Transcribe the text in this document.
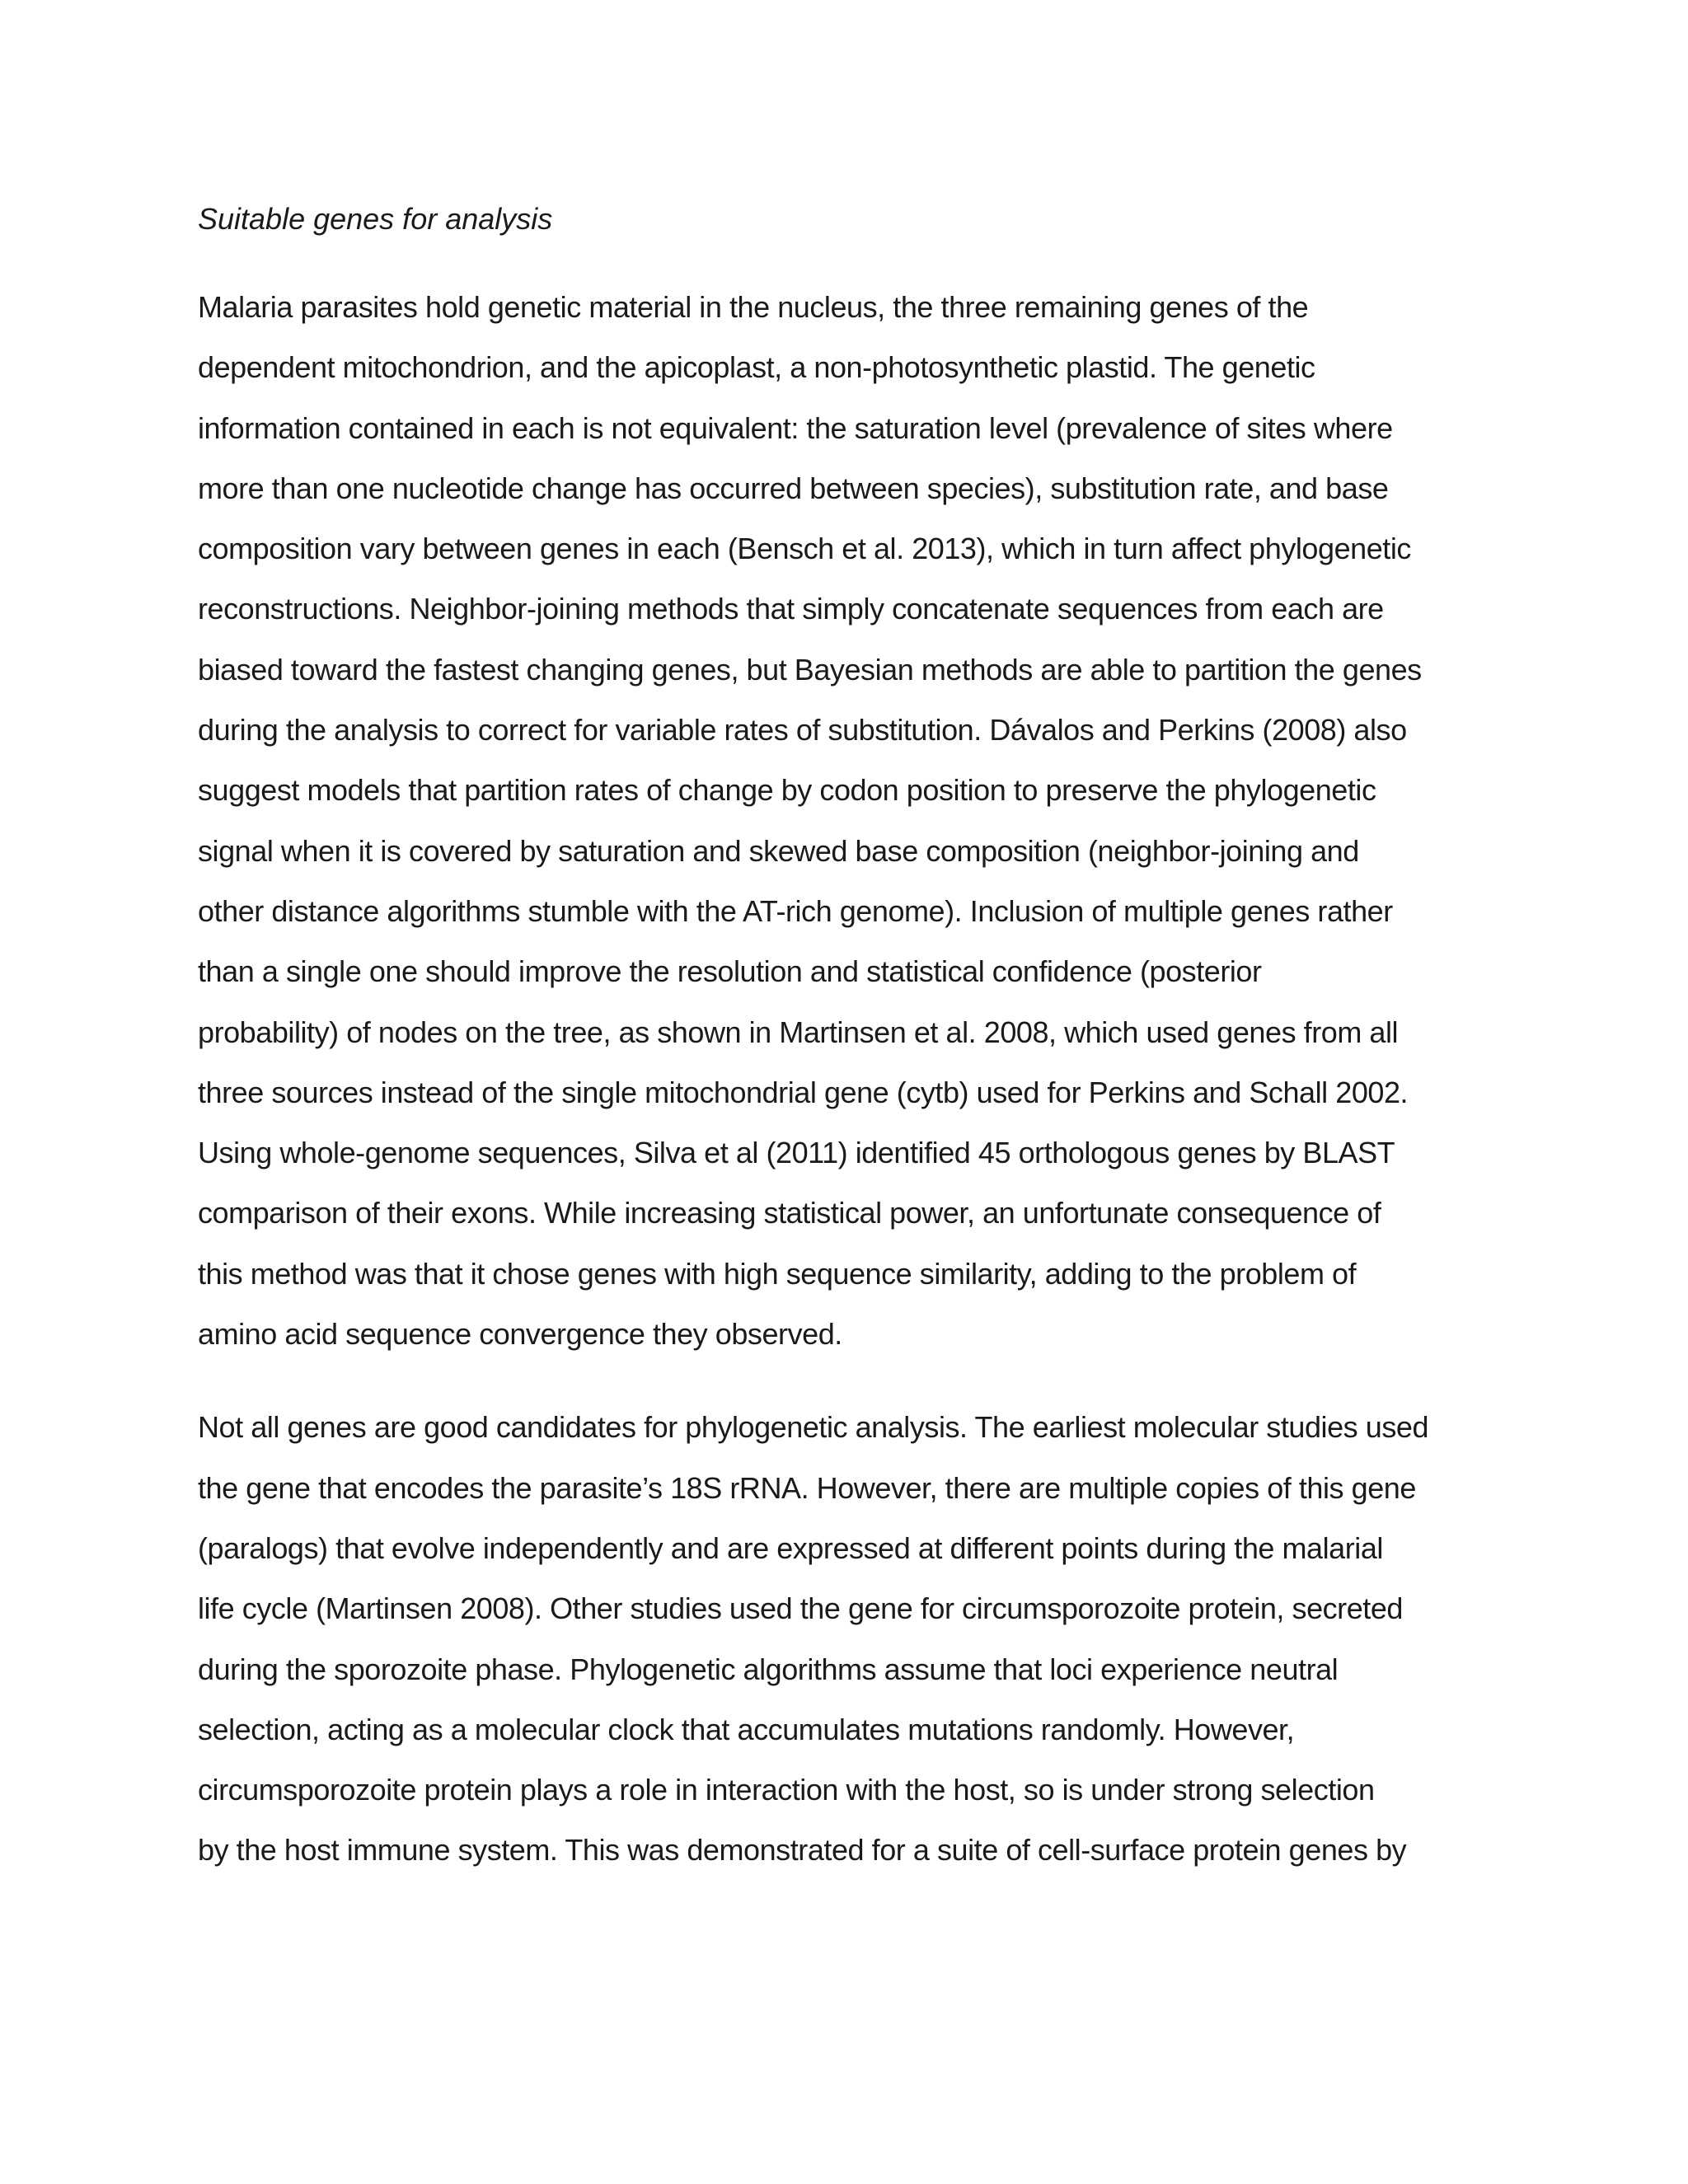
Suitable genes for analysis
Malaria parasites hold genetic material in the nucleus, the three remaining genes of the
dependent mitochondrion, and the apicoplast, a non-photosynthetic plastid. The genetic
information contained in each is not equivalent: the saturation level (prevalence of sites where
more than one nucleotide change has occurred between species), substitution rate, and base
composition vary between genes in each (Bensch et al. 2013), which in turn affect phylogenetic
reconstructions. Neighbor-joining methods that simply concatenate sequences from each are
biased toward the fastest changing genes, but Bayesian methods are able to partition the genes
during the analysis to correct for variable rates of substitution. Dávalos and Perkins (2008) also
suggest models that partition rates of change by codon position to preserve the phylogenetic
signal when it is covered by saturation and skewed base composition (neighbor-joining and
other distance algorithms stumble with the AT-rich genome). Inclusion of multiple genes rather
than a single one should improve the resolution and statistical confidence (posterior
probability) of nodes on the tree, as shown in Martinsen et al. 2008, which used genes from all
three sources instead of the single mitochondrial gene (cytb) used for Perkins and Schall 2002.
Using whole-genome sequences, Silva et al (2011) identified 45 orthologous genes by BLAST
comparison of their exons. While increasing statistical power, an unfortunate consequence of
this method was that it chose genes with high sequence similarity, adding to the problem of
amino acid sequence convergence they observed.
Not all genes are good candidates for phylogenetic analysis. The earliest molecular studies used
the gene that encodes the parasite’s 18S rRNA. However, there are multiple copies of this gene
(paralogs) that evolve independently and are expressed at different points during the malarial
life cycle (Martinsen 2008). Other studies used the gene for circumsporozoite protein, secreted
during the sporozoite phase. Phylogenetic algorithms assume that loci experience neutral
selection, acting as a molecular clock that accumulates mutations randomly. However,
circumsporozoite protein plays a role in interaction with the host, so is under strong selection
by the host immune system. This was demonstrated for a suite of cell-surface protein genes by
